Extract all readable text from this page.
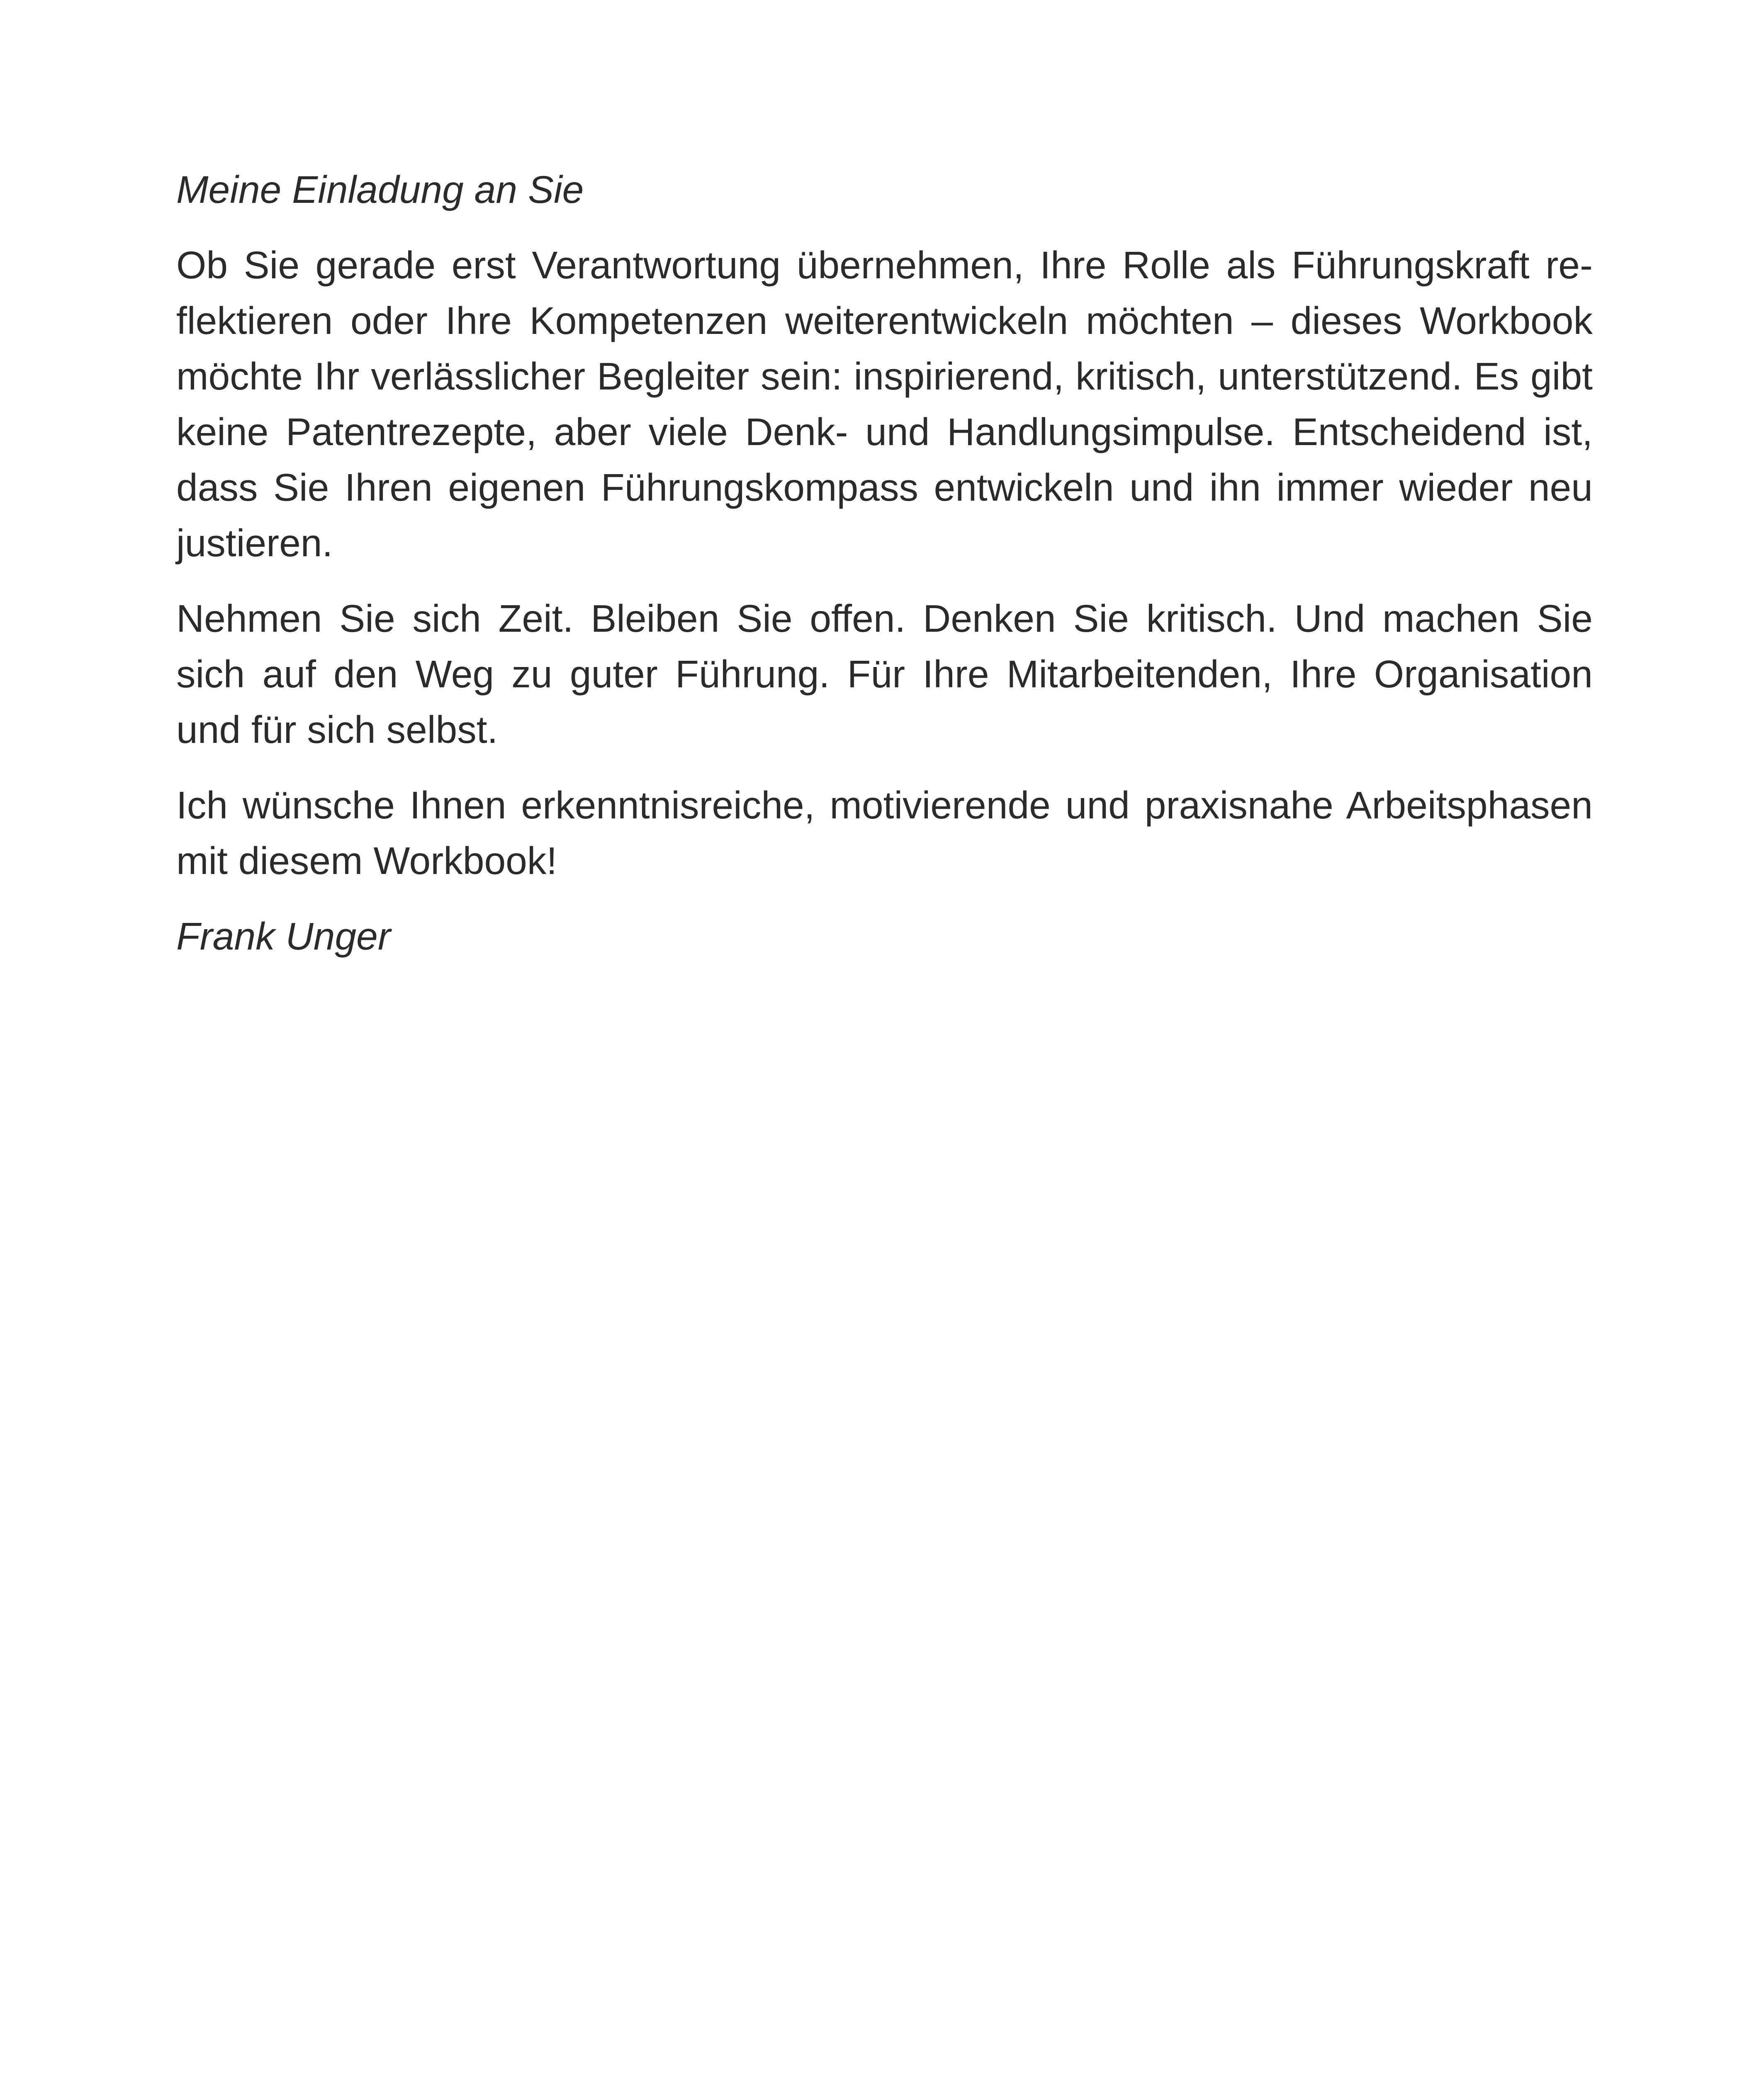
Meine Einladung an Sie

Ob Sie gerade erst Verantwortung übernehmen, Ihre Rolle als Führungskraft reflektieren oder Ihre Kompetenzen weiterentwickeln möchten – dieses Workbook möchte Ihr verlässlicher Begleiter sein: inspirierend, kritisch, unterstützend. Es gibt keine Patentrezepte, aber viele Denk- und Handlungsimpulse. Entscheidend ist, dass Sie Ihren eigenen Führungskompass entwickeln und ihn immer wieder neu justieren.

Nehmen Sie sich Zeit. Bleiben Sie offen. Denken Sie kritisch. Und machen Sie sich auf den Weg zu guter Führung. Für Ihre Mitarbeitenden, Ihre Organisation und für sich selbst.

Ich wünsche Ihnen erkenntnisreiche, motivierende und praxisnahe Arbeitsphasen mit diesem Workbook!

Frank Unger
